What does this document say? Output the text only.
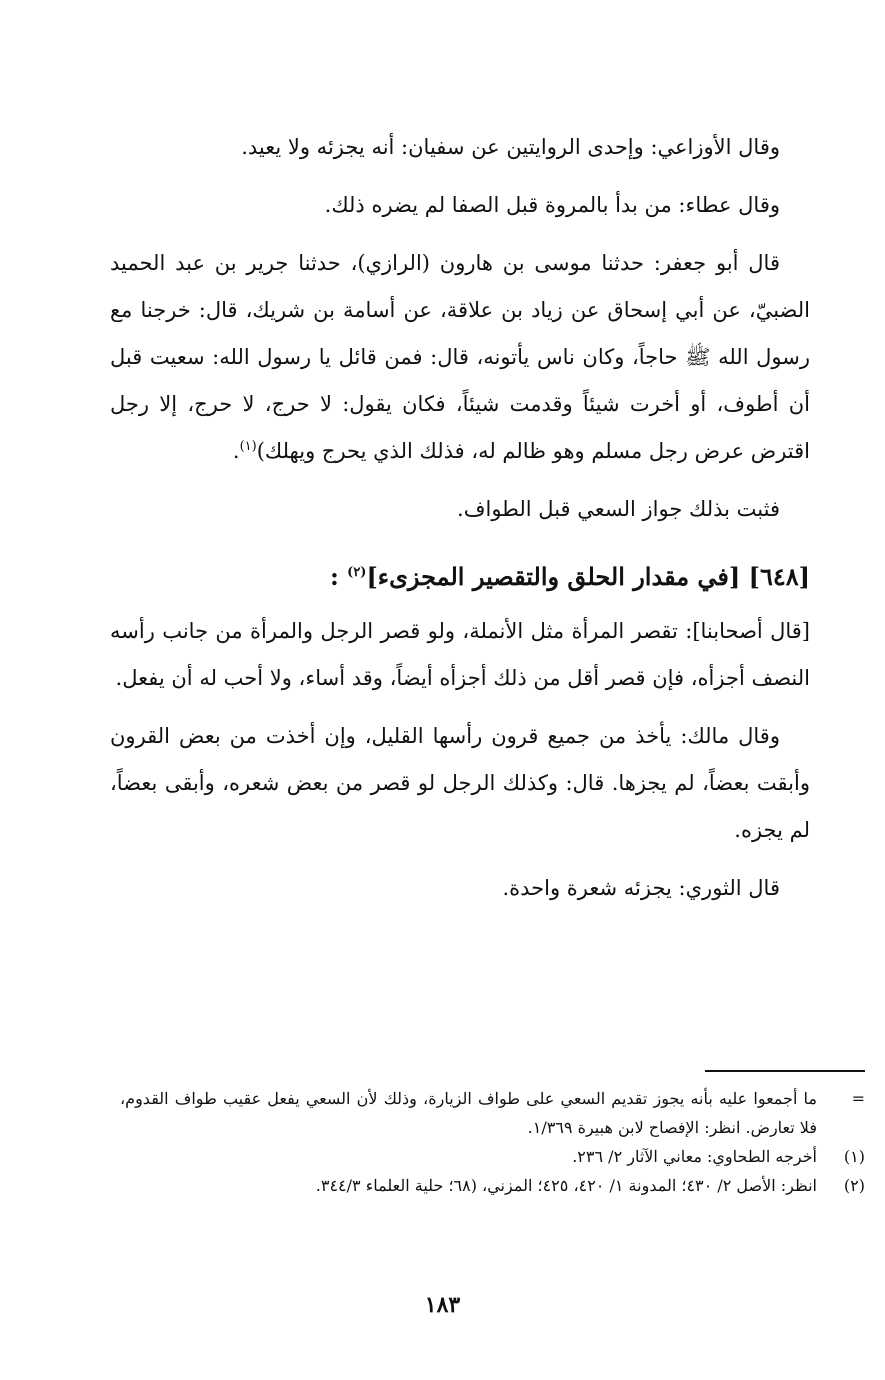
وقال الأوزاعي: وإحدى الروايتين عن سفيان: أنه يجزئه ولا يعيد.

وقال عطاء: من بدأ بالمروة قبل الصفا لم يضره ذلك.

قال أبو جعفر: حدثنا موسى بن هارون (الرازي)، حدثنا جرير بن عبد الحميد الضبيّ، عن أبي إسحاق عن زياد بن علاقة، عن أسامة بن شريك، قال: خرجنا مع رسول الله ﷺ حاجاً، وكان ناس يأتونه، قال: فمن قائل يا رسول الله: سعيت قبل أن أطوف، أو أخرت شيئاً وقدمت شيئاً، فكان يقول: لا حرج، لا حرج، إلا رجل اقترض عرض رجل مسلم وهو ظالم له، فذلك الذي يحرج ويهلك)$^{(١)}$.

فثبت بذلك جواز السعي قبل الطواف.

[٦٤٨] [في مقدار الحلق والتقصير المجزىء]$^{(٢)}$ :

[قال أصحابنا]: تقصر المرأة مثل الأنملة، ولو قصر الرجل والمرأة من جانب رأسه النصف أجزأه، فإن قصر أقل من ذلك أجزأه أيضاً، وقد أساء، ولا أحب له أن يفعل.

وقال مالك: يأخذ من جميع قرون رأسها القليل، وإن أخذت من بعض القرون وأبقت بعضاً، لم يجزها. قال: وكذلك الرجل لو قصر من بعض شعره، وأبقى بعضاً، لم يجزه.

قال الثوري: يجزئه شعرة واحدة.

=
ما أجمعوا عليه بأنه يجوز تقديم السعي على طواف الزيارة، وذلك لأن السعي يفعل عقيب طواف القدوم، فلا تعارض. انظر: الإفصاح لابن هبيرة ١/٣٦٩.
(١)
أخرجه الطحاوي: معاني الآثار ٢/ ٢٣٦.
(٢)
انظر: الأصل ٢/ ٤٣٠؛ المدونة ١/ ٤٢٠، ٤٢٥؛ المزني، (٦٨؛ حلية العلماء ٣٤٤/٣.
١٨٣
